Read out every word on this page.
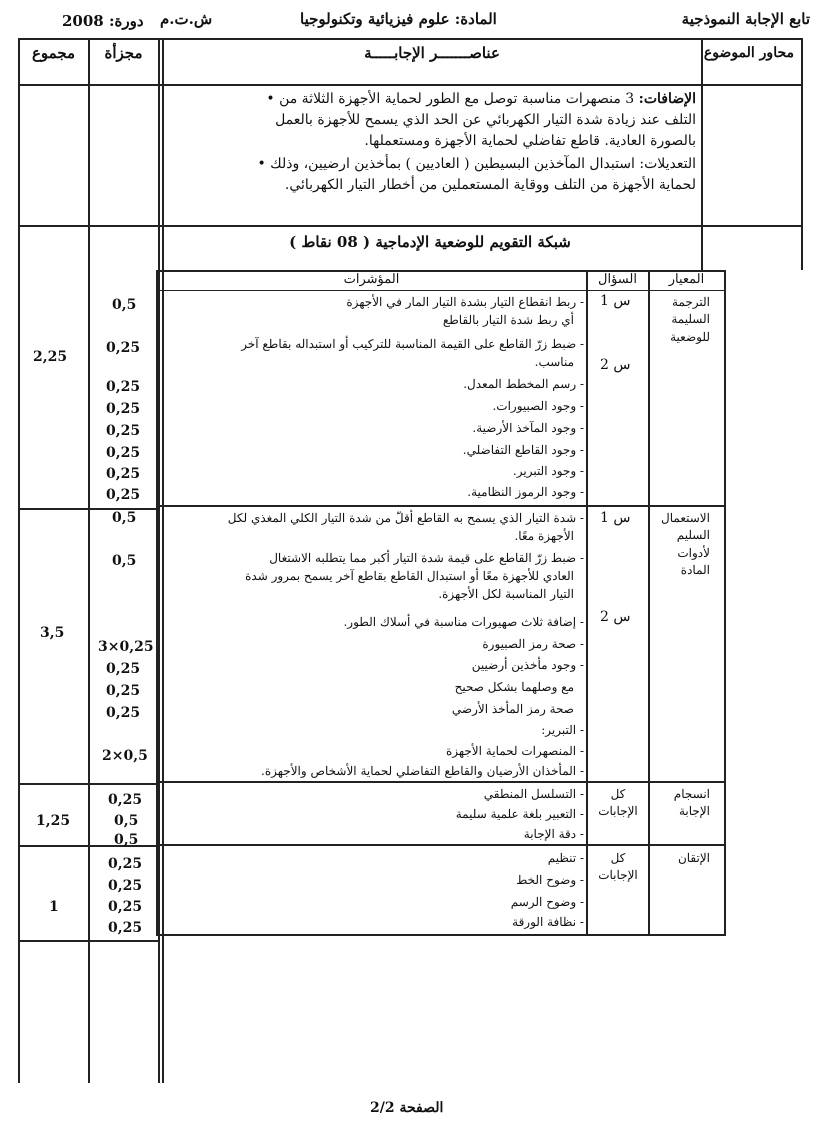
تابع الإجابة النموذجية
المادة: علوم فيزيائية وتكنولوجيا
ش.ت.م
دورة: 2008
محاور الموضوع
عناصـــــــر الإجابـــــة
مجزأة
مجموع
الإضافات: 3 منصهرات مناسبة توصل مع الطور لحماية الأجهزة الثلاثة من •
التلف عند زيادة شدة التيار الكهربائي عن الحد الذي يسمح للأجهزة بالعمل
بالصورة العادية. قاطع تفاضلي لحماية الأجهزة ومستعملها.
التعديلات: استبدال المآخذين البسيطين ( العاديين ) بمأخذين ارضيين، وذلك •
لحماية الأجهزة من التلف ووقاية المستعملين من أخطار التيار الكهربائي.
شبكة التقويم للوضعية الإدماجية ( 08 نقاط )
المعيار
السؤال
المؤشرات
الترجمة
السليمة
للوضعية
الاستعمال
السليم
لأدوات
المادة
انسجام
الإجابة
الإتقان
س 1
س 2
س 1
س 2
كل
الإجابات
كل
الإجابات
- ربط انقطاع التيار بشدة التيار المار في الأجهزة
أي ربط شدة التيار بالقاطع
- ضبط زرّ القاطع على القيمة المناسبة للتركيب أو استبداله بقاطع آخر
مناسب.
- رسم المخطط المعدل.
- وجود الصبيورات.
- وجود المآخذ الأرضية.
- وجود القاطع التفاضلي.
- وجود التبرير.
- وجود الرموز النظامية.
- شدة التيار الذي يسمح به القاطع أقلّ من شدة التيار الكلي المغذي لكل
الأجهزة معًا.
- ضبط زرّ القاطع على قيمة شدة التيار أكبر مما يتطلبه الاشتغال
العادي للأجهزة معًا أو استبدال القاطع بقاطع آخر يسمح بمرور شدة
التيار المناسبة لكل الأجهزة.
- إضافة ثلاث صهيورات مناسبة في أسلاك الطور.
- صحة رمز الصبيورة
- وجود مأخذين أرضيين
مع وصلهما بشكل صحيح
صحة رمز المأخذ الأرضي
- التبرير:
- المنصهرات لحماية الأجهزة
- المأخذان الأرضيان والقاطع التفاضلي لحماية الأشخاص والأجهزة.
- التسلسل المنطقي
- التعبير بلغة علمية سليمة
- دقة الإجابة
- تنظيم
- وضوح الخط
- وضوح الرسم
- نظافة الورقة
0,5
0,25
0,25
0,25
0,25
0,25
0,25
0,25
0,5
0,5
3×0,25
0,25
0,25
0,25
2×0,5
0,25
0,5
0,5
0,25
0,25
0,25
0,25
2,25
3,5
1,25
1
الصفحة 2/2
